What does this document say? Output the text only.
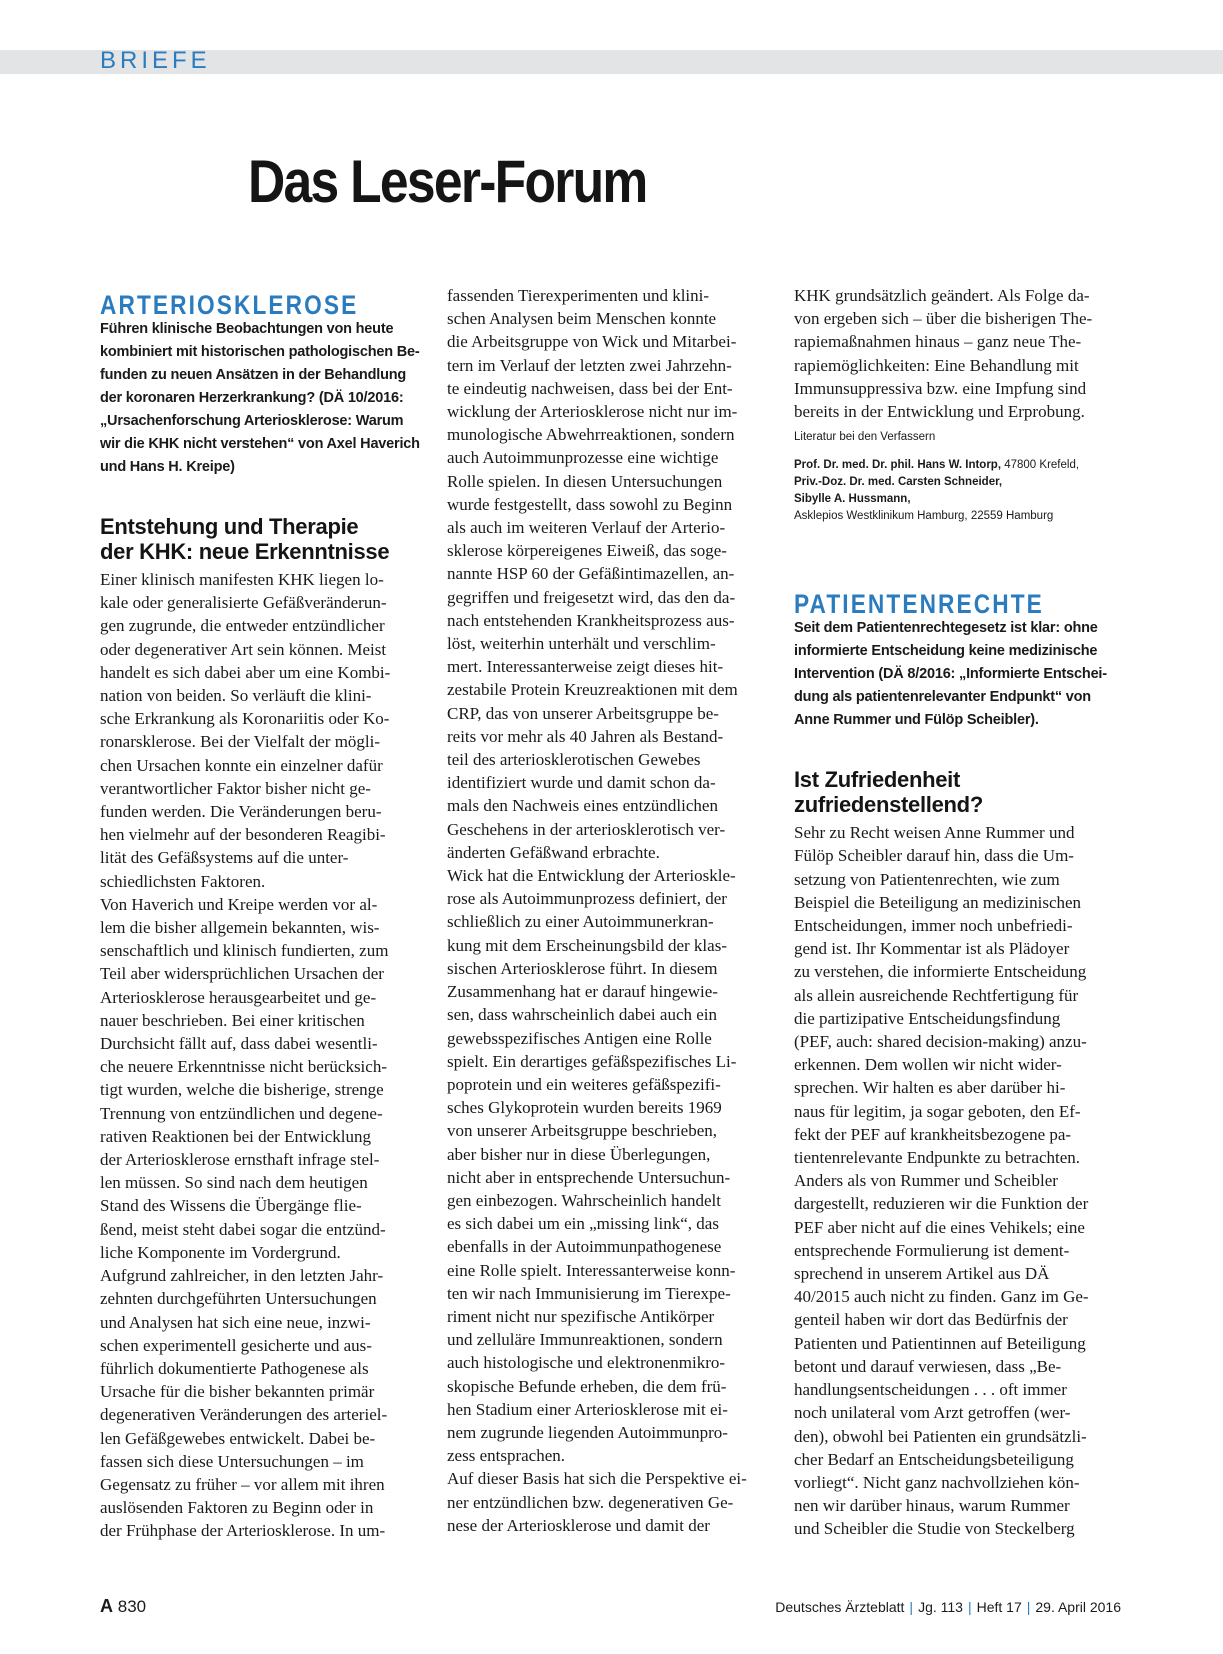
BRIEFE
Das Leser-Forum
ARTERIOSKLEROSE
Führen klinische Beobachtungen von heute
kombiniert mit historischen pathologischen Be-
funden zu neuen Ansätzen in der Behandlung
der koronaren Herzerkrankung? (DÄ 10/2016:
„Ursachenforschung Arteriosklerose: Warum
wir die KHK nicht verstehen“ von Axel Haverich
und Hans H. Kreipe)
Entstehung und Therapie
der KHK: neue Erkenntnisse
Einer klinisch manifesten KHK liegen lo-
kale oder generalisierte Gefäßveränderun-
gen zugrunde, die entweder entzündlicher
oder degenerativer Art sein können. Meist
handelt es sich dabei aber um eine Kombi-
nation von beiden. So verläuft die klini-
sche Erkrankung als Koronariitis oder Ko-
ronarsklerose. Bei der Vielfalt der mögli-
chen Ursachen konnte ein einzelner dafür
verantwortlicher Faktor bisher nicht ge-
funden werden. Die Veränderungen beru-
hen vielmehr auf der besonderen Reagibi-
lität des Gefäßsystems auf die unter-
schiedlichsten Faktoren.
Von Haverich und Kreipe werden vor al-
lem die bisher allgemein bekannten, wis-
senschaftlich und klinisch fundierten, zum
Teil aber widersprüchlichen Ursachen der
Arteriosklerose herausgearbeitet und ge-
nauer beschrieben. Bei einer kritischen
Durchsicht fällt auf, dass dabei wesentli-
che neuere Erkenntnisse nicht berücksich-
tigt wurden, welche die bisherige, strenge
Trennung von entzündlichen und degene-
rativen Reaktionen bei der Entwicklung
der Arteriosklerose ernsthaft infrage stel-
len müssen. So sind nach dem heutigen
Stand des Wissens die Übergänge flie-
ßend, meist steht dabei sogar die entzünd-
liche Komponente im Vordergrund.
Aufgrund zahlreicher, in den letzten Jahr-
zehnten durchgeführten Untersuchungen
und Analysen hat sich eine neue, inzwi-
schen experimentell gesicherte und aus-
führlich dokumentierte Pathogenese als
Ursache für die bisher bekannten primär
degenerativen Veränderungen des arteriel-
len Gefäßgewebes entwickelt. Dabei be-
fassen sich diese Untersuchungen – im
Gegensatz zu früher – vor allem mit ihren
auslösenden Faktoren zu Beginn oder in
der Frühphase der Arteriosklerose. In um-
fassenden Tierexperimenten und klini-
schen Analysen beim Menschen konnte
die Arbeitsgruppe von Wick und Mitarbei-
tern im Verlauf der letzten zwei Jahrzehn-
te eindeutig nachweisen, dass bei der Ent-
wicklung der Arteriosklerose nicht nur im-
munologische Abwehrreaktionen, sondern
auch Autoimmunprozesse eine wichtige
Rolle spielen. In diesen Untersuchungen
wurde festgestellt, dass sowohl zu Beginn
als auch im weiteren Verlauf der Arterio-
sklerose körpereigenes Eiweiß, das soge-
nannte HSP 60 der Gefäßintimazellen, an-
gegriffen und freigesetzt wird, das den da-
nach entstehenden Krankheitsprozess aus-
löst, weiterhin unterhält und verschlim-
mert. Interessanterweise zeigt dieses hit-
zestabile Protein Kreuzreaktionen mit dem
CRP, das von unserer Arbeitsgruppe be-
reits vor mehr als 40 Jahren als Bestand-
teil des arteriosklerotischen Gewebes
identifiziert wurde und damit schon da-
mals den Nachweis eines entzündlichen
Geschehens in der arteriosklerotisch ver-
änderten Gefäßwand erbrachte.
Wick hat die Entwicklung der Arterioskle-
rose als Autoimmunprozess definiert, der
schließlich zu einer Autoimmunerkran-
kung mit dem Erscheinungsbild der klas-
sischen Arteriosklerose führt. In diesem
Zusammenhang hat er darauf hingewie-
sen, dass wahrscheinlich dabei auch ein
gewebsspezifisches Antigen eine Rolle
spielt. Ein derartiges gefäßspezifisches Li-
poprotein und ein weiteres gefäßspezifi-
sches Glykoprotein wurden bereits 1969
von unserer Arbeitsgruppe beschrieben,
aber bisher nur in diese Überlegungen,
nicht aber in entsprechende Untersuchun-
gen einbezogen. Wahrscheinlich handelt
es sich dabei um ein „missing link“, das
ebenfalls in der Autoimmunpathogenese
eine Rolle spielt. Interessanterweise konn-
ten wir nach Immunisierung im Tierexpe-
riment nicht nur spezifische Antikörper
und zelluläre Immunreaktionen, sondern
auch histologische und elektronenmikro-
skopische Befunde erheben, die dem frü-
hen Stadium einer Arteriosklerose mit ei-
nem zugrunde liegenden Autoimmunpro-
zess entsprachen.
Auf dieser Basis hat sich die Perspektive ei-
ner entzündlichen bzw. degenerativen Ge-
nese der Arteriosklerose und damit der
KHK grundsätzlich geändert. Als Folge da-
von ergeben sich – über die bisherigen The-
rapiemaßnahmen hinaus – ganz neue The-
rapiemöglichkeiten: Eine Behandlung mit
Immunsuppressiva bzw. eine Impfung sind
bereits in der Entwicklung und Erprobung.

Literatur bei den Verfassern

Prof. Dr. med. Dr. phil. Hans W. Intorp, 47800 Krefeld,
Priv.-Doz. Dr. med. Carsten Schneider,
Sibylle A. Hussmann,
Asklepios Westklinikum Hamburg, 22559 Hamburg
PATIENTENRECHTE
Seit dem Patientenrechtegesetz ist klar: ohne
informierte Entscheidung keine medizinische
Intervention (DÄ 8/2016: „Informierte Entschei-
dung als patientenrelevanter Endpunkt“ von
Anne Rummer und Fülöp Scheibler).
Ist Zufriedenheit
zufriedenstellend?
Sehr zu Recht weisen Anne Rummer und
Fülöp Scheibler darauf hin, dass die Um-
setzung von Patientenrechten, wie zum
Beispiel die Beteiligung an medizinischen
Entscheidungen, immer noch unbefriedi-
gend ist. Ihr Kommentar ist als Plädoyer
zu verstehen, die informierte Entscheidung
als allein ausreichende Rechtfertigung für
die partizipative Entscheidungsfindung
(PEF, auch: shared decision-making) anzu-
erkennen. Dem wollen wir nicht wider-
sprechen. Wir halten es aber darüber hi-
naus für legitim, ja sogar geboten, den Ef-
fekt der PEF auf krankheitsbezogene pa-
tientenrelevante Endpunkte zu betrachten.
Anders als von Rummer und Scheibler
dargestellt, reduzieren wir die Funktion der
PEF aber nicht auf die eines Vehikels; eine
entsprechende Formulierung ist dement-
sprechend in unserem Artikel aus DÄ
40/2015 auch nicht zu finden. Ganz im Ge-
genteil haben wir dort das Bedürfnis der
Patienten und Patientinnen auf Beteiligung
betont und darauf verwiesen, dass „Be-
handlungsentscheidungen . . . oft immer
noch unilateral vom Arzt getroffen (wer-
den), obwohl bei Patienten ein grundsätzli-
cher Bedarf an Entscheidungsbeteiligung
vorliegt“. Nicht ganz nachvollziehen kön-
nen wir darüber hinaus, warum Rummer
und Scheibler die Studie von Steckelberg
A 830	Deutsches Ärzteblatt | Jg. 113 | Heft 17 | 29. April 2016
